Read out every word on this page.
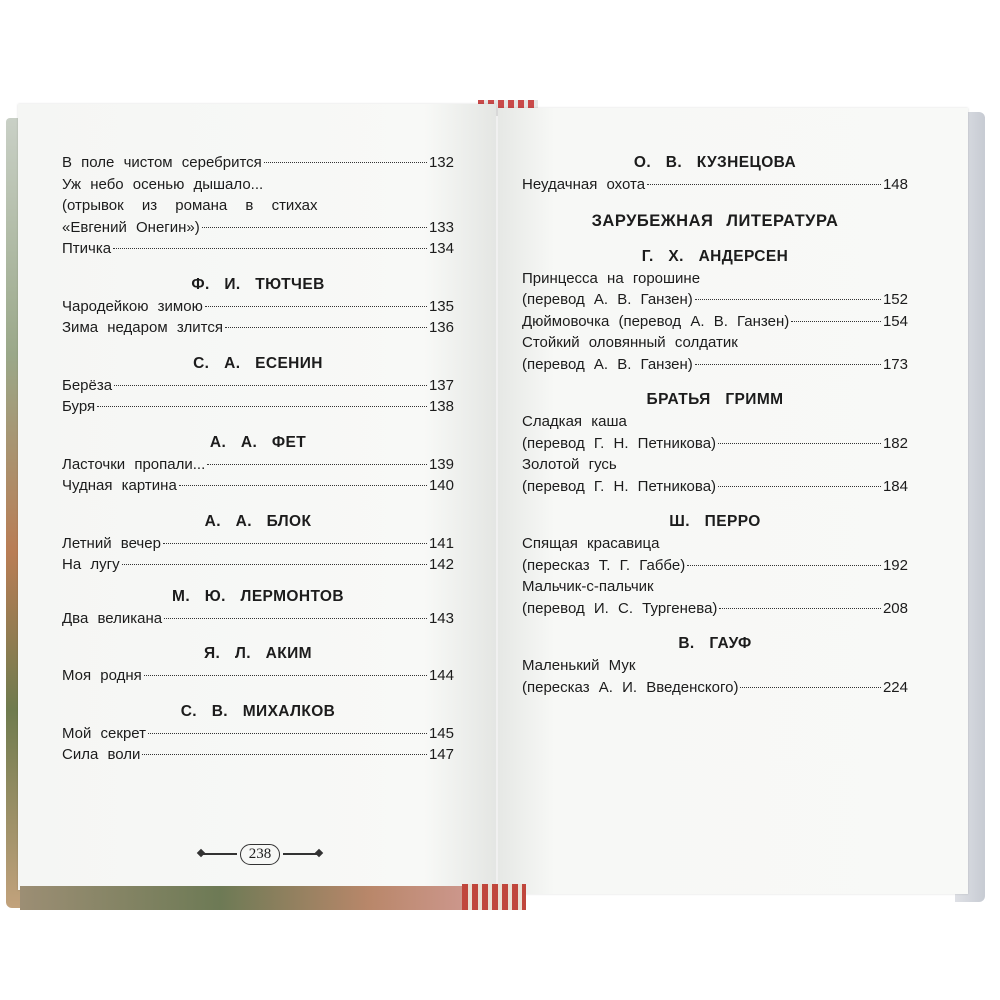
В поле чистом серебрится	132
Уж небо осенью дышало...
(отрывок из романа в стихах
«Евгений Онегин»)	133
Птичка	134
Ф. И. ТЮТЧЕВ
Чародейкою зимою	135
Зима недаром злится	136
С. А. ЕСЕНИН
Берёза	137
Буря	138
А. А. ФЕТ
Ласточки пропали...	139
Чудная картина	140
А. А. БЛОК
Летний вечер	141
На лугу	142
М. Ю. ЛЕРМОНТОВ
Два великана	143
Я. Л. АКИМ
Моя родня	144
С. В. МИХАЛКОВ
Мой секрет	145
Сила воли	147
238
О. В. КУЗНЕЦОВА
Неудачная охота	148
ЗАРУБЕЖНАЯ ЛИТЕРАТУРА
Г. Х. АНДЕРСЕН
Принцесса на горошине
(перевод А. В. Ганзен)	152
Дюймовочка (перевод А. В. Ганзен)	154
Стойкий оловянный солдатик
(перевод А. В. Ганзен)	173
БРАТЬЯ ГРИММ
Сладкая каша
(перевод Г. Н. Петникова)	182
Золотой гусь
(перевод Г. Н. Петникова)	184
Ш. ПЕРРО
Спящая красавица
(пересказ Т. Г. Габбе)	192
Мальчик-с-пальчик
(перевод И. С. Тургенева)	208
В. ГАУФ
Маленький Мук
(пересказ А. И. Введенского)	224
